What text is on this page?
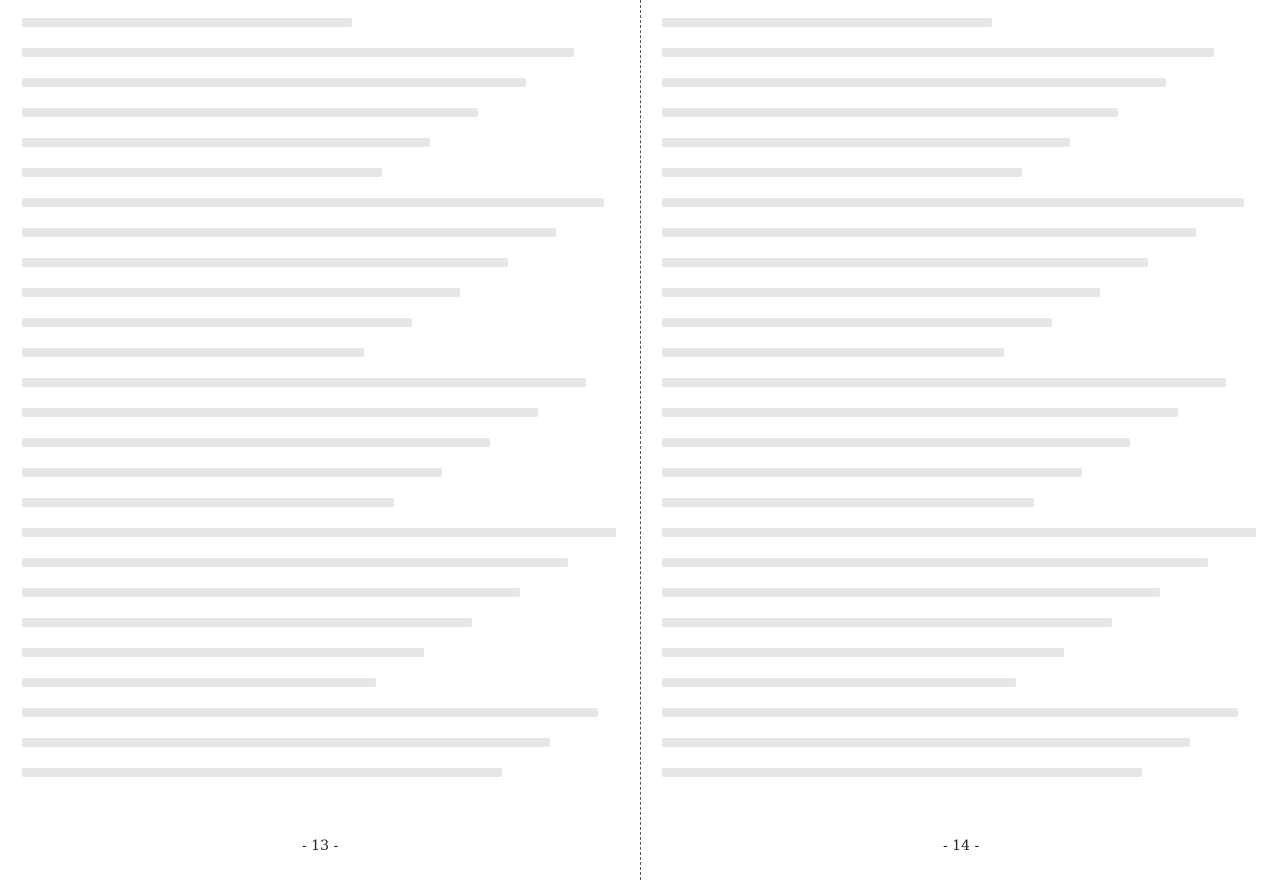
- 13 -	- 14 -
